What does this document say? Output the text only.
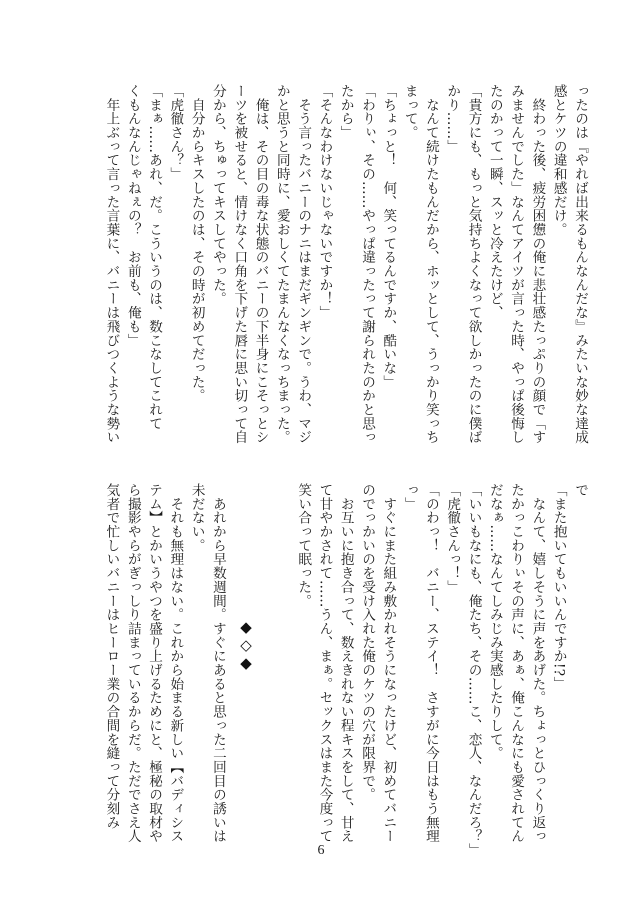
ったのは『やれば出来るもんなんだな』みたいな妙な達成
感とケツの違和感だけ。
　終わった後、疲労困憊の俺に悲壮感たっぷりの顔で「す
みませんでした」なんてアイツが言った時、やっぱ後悔し
たのかって一瞬、スッと冷えたけど、
「貴方にも、もっと気持ちよくなって欲しかったのに僕ば
かり……」
　なんて続けたもんだから、ホッとして、うっかり笑っち
まって。
「ちょっと！　何、笑ってるんですか、酷いな」
「わりぃ、その……やっぱ違ったって謝られたのかと思っ
たから」
「そんなわけないじゃないですか！」
　そう言ったバニーのナニはまだギンギンで。うわ、マジ
かと思うと同時に、愛おしくてたまんなくなっちまった。
　俺は、その目の毒な状態のバニーの下半身にこそっとシ
ーツを被せると、情けなく口角を下げた唇に思い切って自
分から、ちゅってキスしてやった。
　自分からキスしたのは、その時が初めてだった。
「虎徹さん？」
「まぁ……あれ、だ。こういうのは、数こなしてこれて
くもんなんじゃねぇの？　お前も、俺も」
　年上ぶって言った言葉に、バニーは飛びつくような勢い
◆◇◆
で
「また抱いてもいいんですか!?」
　なんて、嬉しそうに声をあげた。ちょっとひっくり返っ
たかっこわりぃその声に、あぁ、俺こんなにも愛されてん
だなぁ……なんてしみじみ実感したりして。
「いいもなにも、俺たち、その……こ、恋人、なんだろ？」
「虎徹さんっ！」
「のわっ！　バニー、ステイ！　さすがに今日はもう無理
っ」
　すぐにまた組み敷かれそうになったけど、初めてバニー
のでっかいのを受け入れた俺のケツの穴が限界で。
　お互いに抱き合って、数えきれない程キスをして、甘え
て甘やかされて……うん、まぁ。セックスはまた今度って
笑い合って眠った。

　あれから早数週間。すぐにあると思った二回目の誘いは
未だない。
　それも無理はない。これから始まる新しい【バディシス
テム】とかいうやつを盛り上げるためにと、極秘の取材や
ら撮影やらがぎっしり詰まっているからだ。ただでさえ人
気者で忙しいバニーはヒーロー業の合間を縫って分刻み
6
